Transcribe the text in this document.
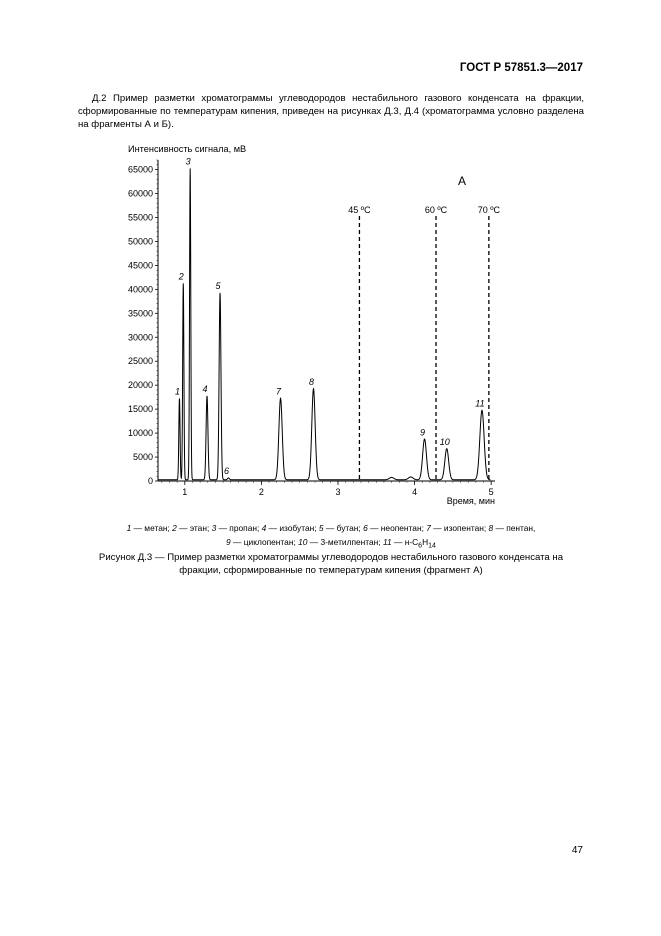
ГОСТ Р 57851.3—2017
Д.2 Пример разметки хроматограммы углеводородов нестабильного газового конденсата на фракции, сформированные по температурам кипения, приведен на рисунках Д.3, Д.4 (хроматограмма условно разделена на фрагменты А и Б).
Интенсивность сигнала, мВ
0
5000
10000
15000
20000
25000
30000
35000
40000
45000
50000
55000
60000
65000
1	2	3	4	5
Время, мин
А
45 ºС	60 ºС	70 ºС
1
2
3
4
5
6
7
8
9
10
11
1 — метан; 2 — этан; 3 — пропан; 4 — изобутан; 5 — бутан; 6 — неопентан; 7 — изопентан; 8 — пентан,
9 — циклопентан; 10 — 3-метилпентан; 11 — $н-C_6H_{14}$
Рисунок Д.3 — Пример разметки хроматограммы углеводородов нестабильного газового конденсата на фракции, сформированные по температурам кипения (фрагмент А)
47
